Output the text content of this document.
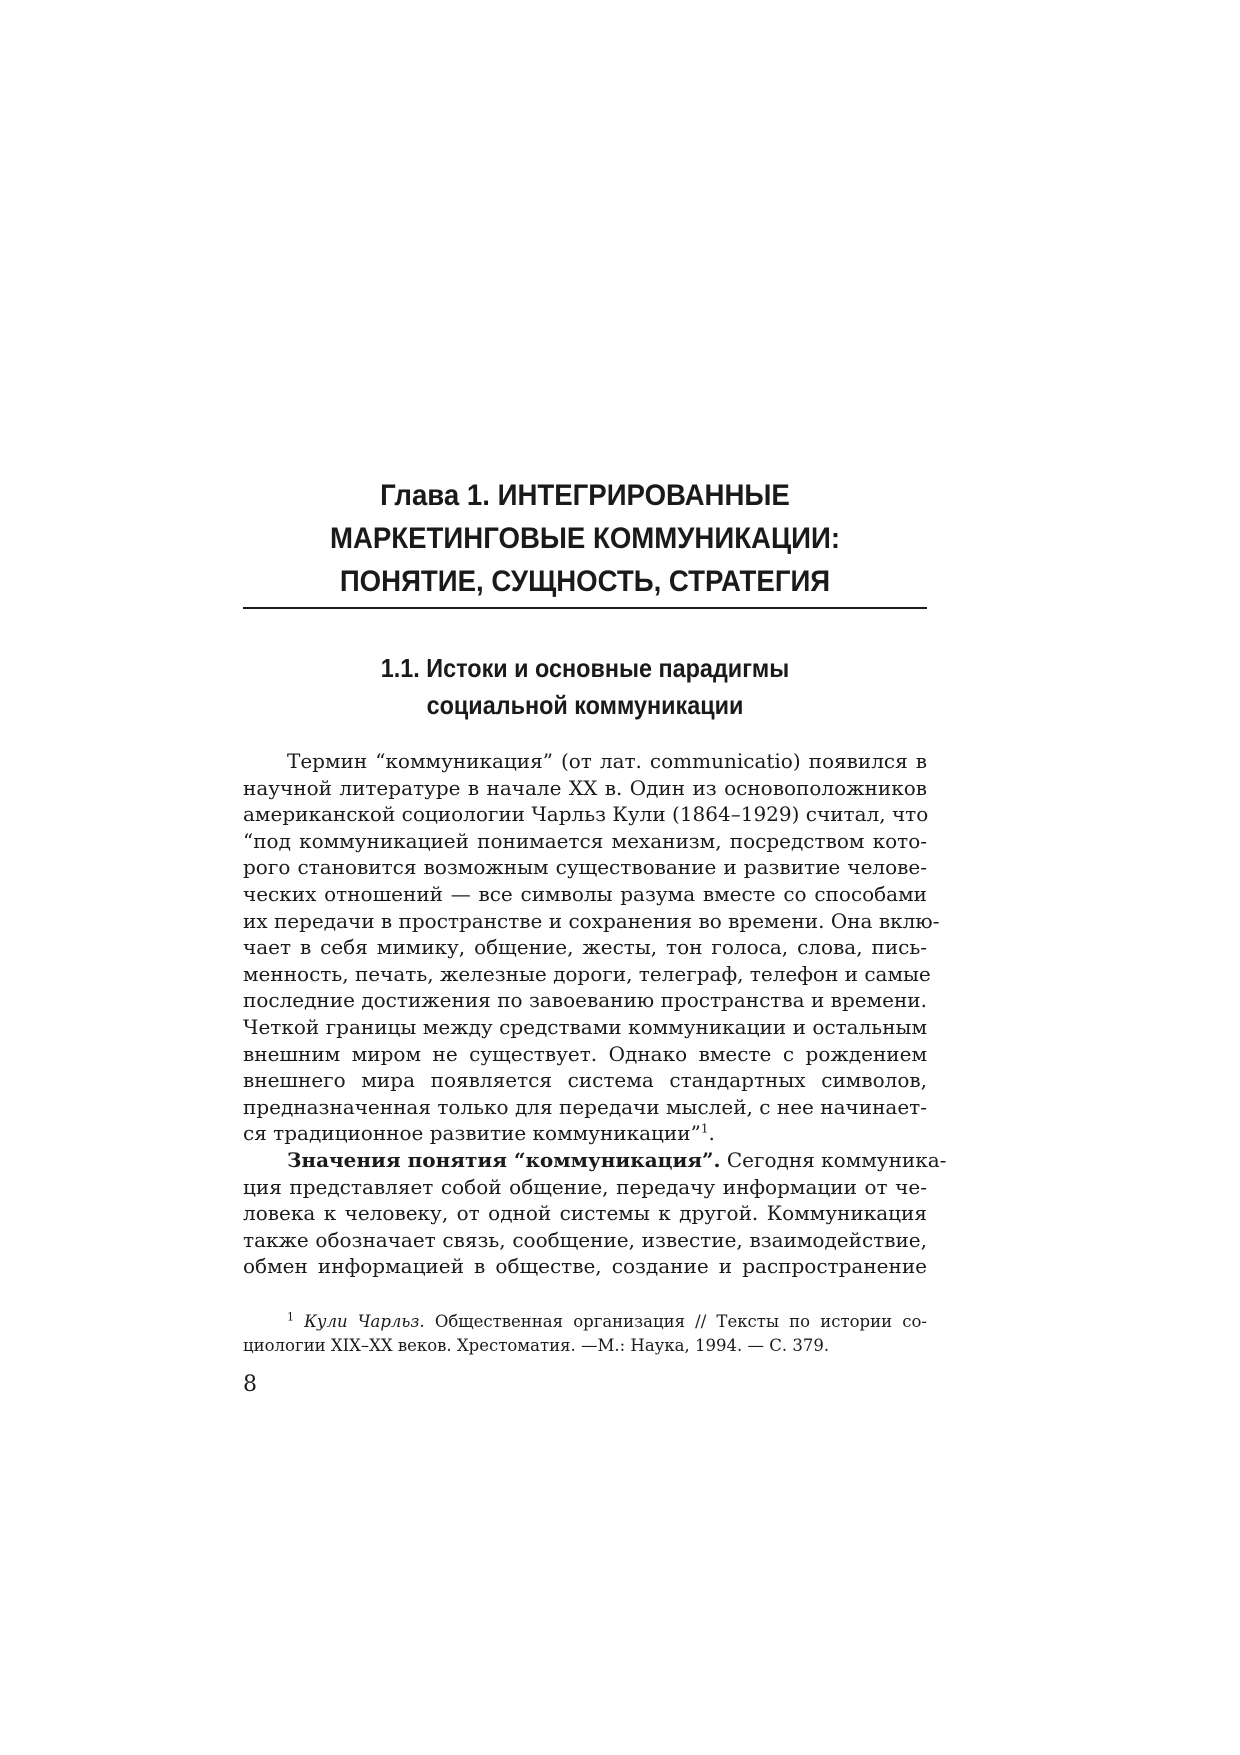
Глава 1. ИНТЕГРИРОВАННЫЕ
МАРКЕТИНГОВЫЕ КОММУНИКАЦИИ:
ПОНЯТИЕ, СУЩНОСТЬ, СТРАТЕГИЯ
1.1. Истоки и основные парадигмы
социальной коммуникации
Термин “коммуникация” (от лат. communicatio) появился в
научной литературе в начале XX в. Один из основоположников
американской социологии Чарльз Кули (1864–1929) считал, что
“под коммуникацией понимается механизм, посредством кото-
рого становится возможным существование и развитие челове-
ческих отношений — все символы разума вместе со способами
их передачи в пространстве и сохранения во времени. Она вклю-
чает в себя мимику, общение, жесты, тон голоса, слова, пись-
менность, печать, железные дороги, телеграф, телефон и самые
последние достижения по завоеванию пространства и времени.
Четкой границы между средствами коммуникации и остальным
внешним миром не существует. Однако вместе с рождением
внешнего мира появляется система стандартных символов,
предназначенная только для передачи мыслей, с нее начинает-
ся традиционное развитие коммуникации”$^1$.
Значения понятия “коммуникация”. Сегодня коммуника-
ция представляет собой общение, передачу информации от че-
ловека к человеку, от одной системы к другой. Коммуникация
также обозначает связь, сообщение, известие, взаимодействие,
обмен информацией в обществе, создание и распространение
$^1$ Кули Чарльз. Общественная организация // Тексты по истории со-
циологии XIX–XX веков. Хрестоматия. —М.: Наука, 1994. — С. 379.
8
